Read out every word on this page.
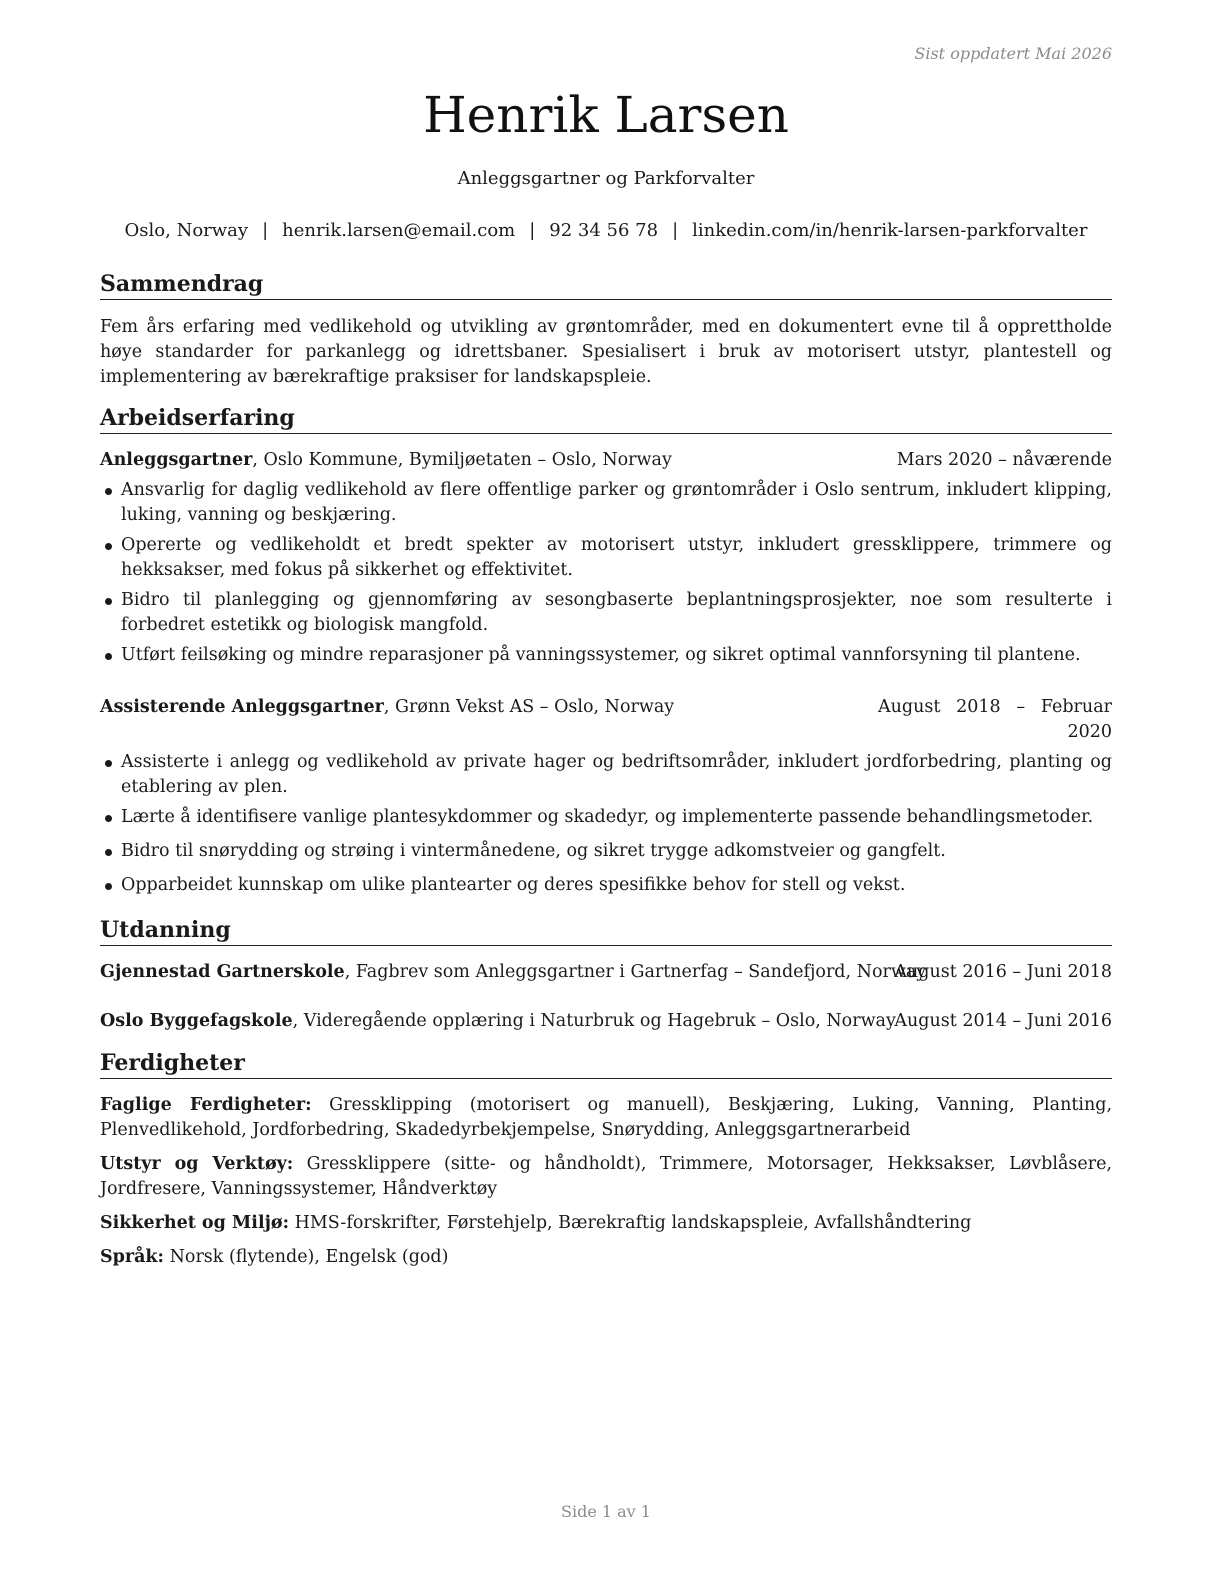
Sist oppdatert Mai 2026
Henrik Larsen
Anleggsgartner og Parkforvalter
Oslo, Norway | henrik.larsen@email.com | 92 34 56 78 | linkedin.com/in/henrik-larsen-parkforvalter
Sammendrag

Fem års erfaring med vedlikehold og utvikling av grøntområder, med en dokumentert evne til å opprettholde høye standarder for parkanlegg og idrettsbaner. Spesialisert i bruk av motorisert utstyr, plantestell og implementering av bærekraftige praksiser for landskapspleie.

Arbeidserfaring
Anleggsgartner, Oslo Kommune, Bymiljøetaten – Oslo, Norway	Mars 2020 – nåværende
Ansvarlig for daglig vedlikehold av flere offentlige parker og grøntområder i Oslo sentrum, inkludert klipping, luking, vanning og beskjæring.
Opererte og vedlikeholdt et bredt spekter av motorisert utstyr, inkludert gressklippere, trimmere og hekksakser, med fokus på sikkerhet og effektivitet.
Bidro til planlegging og gjennomføring av sesongbaserte beplantningsprosjekter, noe som resulterte i forbedret estetikk og biologisk mangfold.
Utført feilsøking og mindre reparasjoner på vanningssystemer, og sikret optimal vannforsyning til plantene.
Assisterende Anleggsgartner, Grønn Vekst AS – Oslo, Norway	August 2018 – Februar
2020
Assisterte i anlegg og vedlikehold av private hager og bedriftsområder, inkludert jordforbedring, planting og etablering av plen.
Lærte å identifisere vanlige plantesykdommer og skadedyr, og implementerte passende behandlingsmetoder.
Bidro til snørydding og strøing i vintermånedene, og sikret trygge adkomstveier og gangfelt.
Opparbeidet kunnskap om ulike plantearter og deres spesifikke behov for stell og vekst.
Utdanning
Gjennestad Gartnerskole, Fagbrev som Anleggsgartner i Gartnerfag – Sandefjord, Norway
August 2016 – Juni 2018
Oslo Byggefagskole, Videregående opplæring i Naturbruk og Hagebruk – Oslo, Norway
August 2014 – Juni 2016
Ferdigheter

Faglige Ferdigheter: Gressklipping (motorisert og manuell), Beskjæring, Luking, Vanning, Planting, Plenvedlikehold, Jordforbedring, Skadedyrbekjempelse, Snørydding, Anleggsgartnerarbeid

Utstyr og Verktøy: Gressklippere (sitte- og håndholdt), Trimmere, Motorsager, Hekksakser, Løvblåsere, Jordfresere, Vanningssystemer, Håndverktøy

Sikkerhet og Miljø: HMS-forskrifter, Førstehjelp, Bærekraftig landskapspleie, Avfallshåndtering

Språk: Norsk (flytende), Engelsk (god)

Side 1 av 1
